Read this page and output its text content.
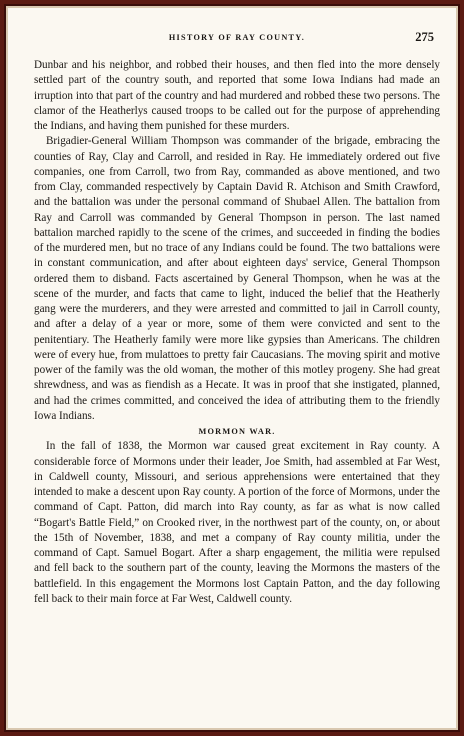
HISTORY OF RAY COUNTY.	275

Dunbar and his neighbor, and robbed their houses, and then fled into the more densely settled part of the country south, and reported that some Iowa Indians had made an irruption into that part of the country and had murdered and robbed these two persons. The clamor of the Heatherlys caused troops to be called out for the purpose of apprehending the Indians, and having them punished for these murders.

Brigadier-General William Thompson was commander of the brigade, embracing the counties of Ray, Clay and Carroll, and resided in Ray. He immediately ordered out five companies, one from Carroll, two from Ray, commanded as above mentioned, and two from Clay, commanded respectively by Captain David R. Atchison and Smith Crawford, and the battalion was under the personal command of Shubael Allen. The battalion from Ray and Carroll was commanded by General Thompson in person. The last named battalion marched rapidly to the scene of the crimes, and succeeded in finding the bodies of the murdered men, but no trace of any Indians could be found. The two battalions were in constant communication, and after about eighteen days' service, General Thompson ordered them to disband. Facts ascertained by General Thompson, when he was at the scene of the murder, and facts that came to light, induced the belief that the Heatherly gang were the murderers, and they were arrested and committed to jail in Carroll county, and after a delay of a year or more, some of them were convicted and sent to the penitentiary. The Heatherly family were more like gypsies than Americans. The children were of every hue, from mulattoes to pretty fair Caucasians. The moving spirit and motive power of the family was the old woman, the mother of this motley progeny. She had great shrewdness, and was as fiendish as a Hecate. It was in proof that she instigated, planned, and had the crimes committed, and conceived the idea of attributing them to the friendly Iowa Indians.

MORMON WAR.

In the fall of 1838, the Mormon war caused great excitement in Ray county. A considerable force of Mormons under their leader, Joe Smith, had assembled at Far West, in Caldwell county, Missouri, and serious apprehensions were entertained that they intended to make a descent upon Ray county. A portion of the force of Mormons, under the command of Capt. Patton, did march into Ray county, as far as what is now called “Bogart's Battle Field,” on Crooked river, in the northwest part of the county, on, or about the 15th of November, 1838, and met a company of Ray county militia, under the command of Capt. Samuel Bogart. After a sharp engagement, the militia were repulsed and fell back to the southern part of the county, leaving the Mormons the masters of the battlefield. In this engagement the Mormons lost Captain Patton, and the day following fell back to their main force at Far West, Caldwell county.
